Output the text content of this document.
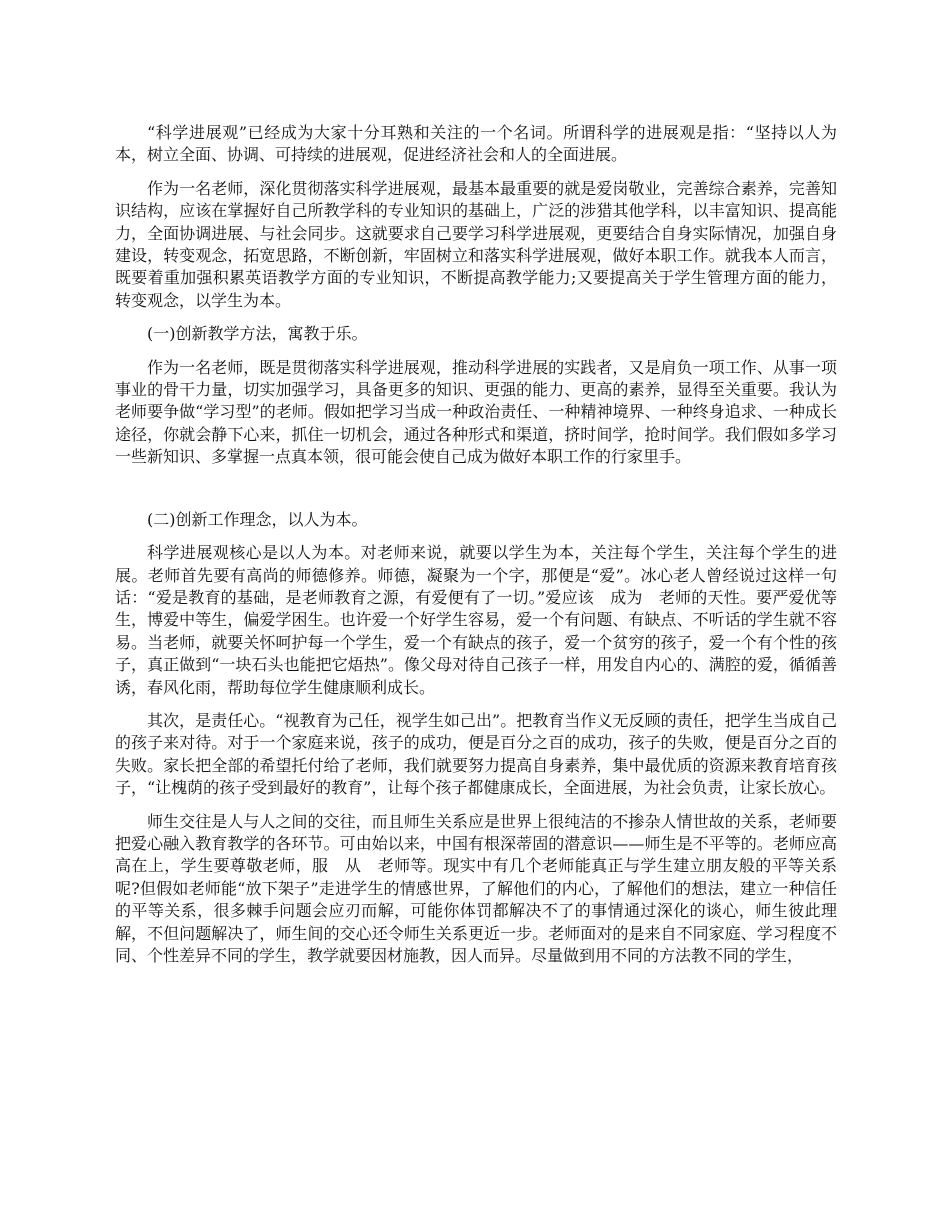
“科学进展观”已经成为大家十分耳熟和关注的一个名词。所谓科学的进展观是指：“坚持以人为本，树立全面、协调、可持续的进展观，促进经济社会和人的全面进展。

作为一名老师，深化贯彻落实科学进展观，最基本最重要的就是爱岗敬业，完善综合素养，完善知识结构，应该在掌握好自己所教学科的专业知识的基础上，广泛的涉猎其他学科，以丰富知识、提高能力，全面协调进展、与社会同步。这就要求自己要学习科学进展观，更要结合自身实际情况，加强自身建设，转变观念，拓宽思路，不断创新，牢固树立和落实科学进展观，做好本职工作。就我本人而言，既要着重加强积累英语教学方面的专业知识，不断提高教学能力;又要提高关于学生管理方面的能力，转变观念，以学生为本。

(一)创新教学方法，寓教于乐。

作为一名老师，既是贯彻落实科学进展观，推动科学进展的实践者，又是肩负一项工作、从事一项事业的骨干力量，切实加强学习，具备更多的知识、更强的能力、更高的素养，显得至关重要。我认为老师要争做“学习型”的老师。假如把学习当成一种政治责任、一种精神境界、一种终身追求、一种成长途径，你就会静下心来，抓住一切机会，通过各种形式和渠道，挤时间学，抢时间学。我们假如多学习一些新知识、多掌握一点真本领，很可能会使自己成为做好本职工作的行家里手。

(二)创新工作理念，以人为本。

科学进展观核心是以人为本。对老师来说，就要以学生为本，关注每个学生，关注每个学生的进展。老师首先要有高尚的师德修养。师德，凝聚为一个字，那便是“爱”。冰心老人曾经说过这样一句话：“爱是教育的基础，是老师教育之源，有爱便有了一切。”爱应该　成为　老师的天性。要严爱优等生，博爱中等生，偏爱学困生。也许爱一个好学生容易，爱一个有问题、有缺点、不听话的学生就不容易。当老师，就要关怀呵护每一个学生，爱一个有缺点的孩子，爱一个贫穷的孩子，爱一个有个性的孩子，真正做到“一块石头也能把它焐热”。像父母对待自己孩子一样，用发自内心的、满腔的爱，循循善诱，春风化雨，帮助每位学生健康顺利成长。

其次，是责任心。“视教育为己任，视学生如己出”。把教育当作义无反顾的责任，把学生当成自己的孩子来对待。对于一个家庭来说，孩子的成功，便是百分之百的成功，孩子的失败，便是百分之百的失败。家长把全部的希望托付给了老师，我们就要努力提高自身素养，集中最优质的资源来教育培育孩子，“让槐荫的孩子受到最好的教育”，让每个孩子都健康成长，全面进展，为社会负责，让家长放心。

师生交往是人与人之间的交往，而且师生关系应是世界上很纯洁的不掺杂人情世故的关系，老师要把爱心融入教育教学的各环节。可由始以来，中国有根深蒂固的潜意识——师生是不平等的。老师应高高在上，学生要尊敬老师，服　从　老师等。现实中有几个老师能真正与学生建立朋友般的平等关系呢?但假如老师能“放下架子”走进学生的情感世界，了解他们的内心，了解他们的想法，建立一种信任的平等关系，很多棘手问题会应刃而解，可能你体罚都解决不了的事情通过深化的谈心，师生彼此理解，不但问题解决了，师生间的交心还令师生关系更近一步。老师面对的是来自不同家庭、学习程度不同、个性差异不同的学生，教学就要因材施教，因人而异。尽量做到用不同的方法教不同的学生，
